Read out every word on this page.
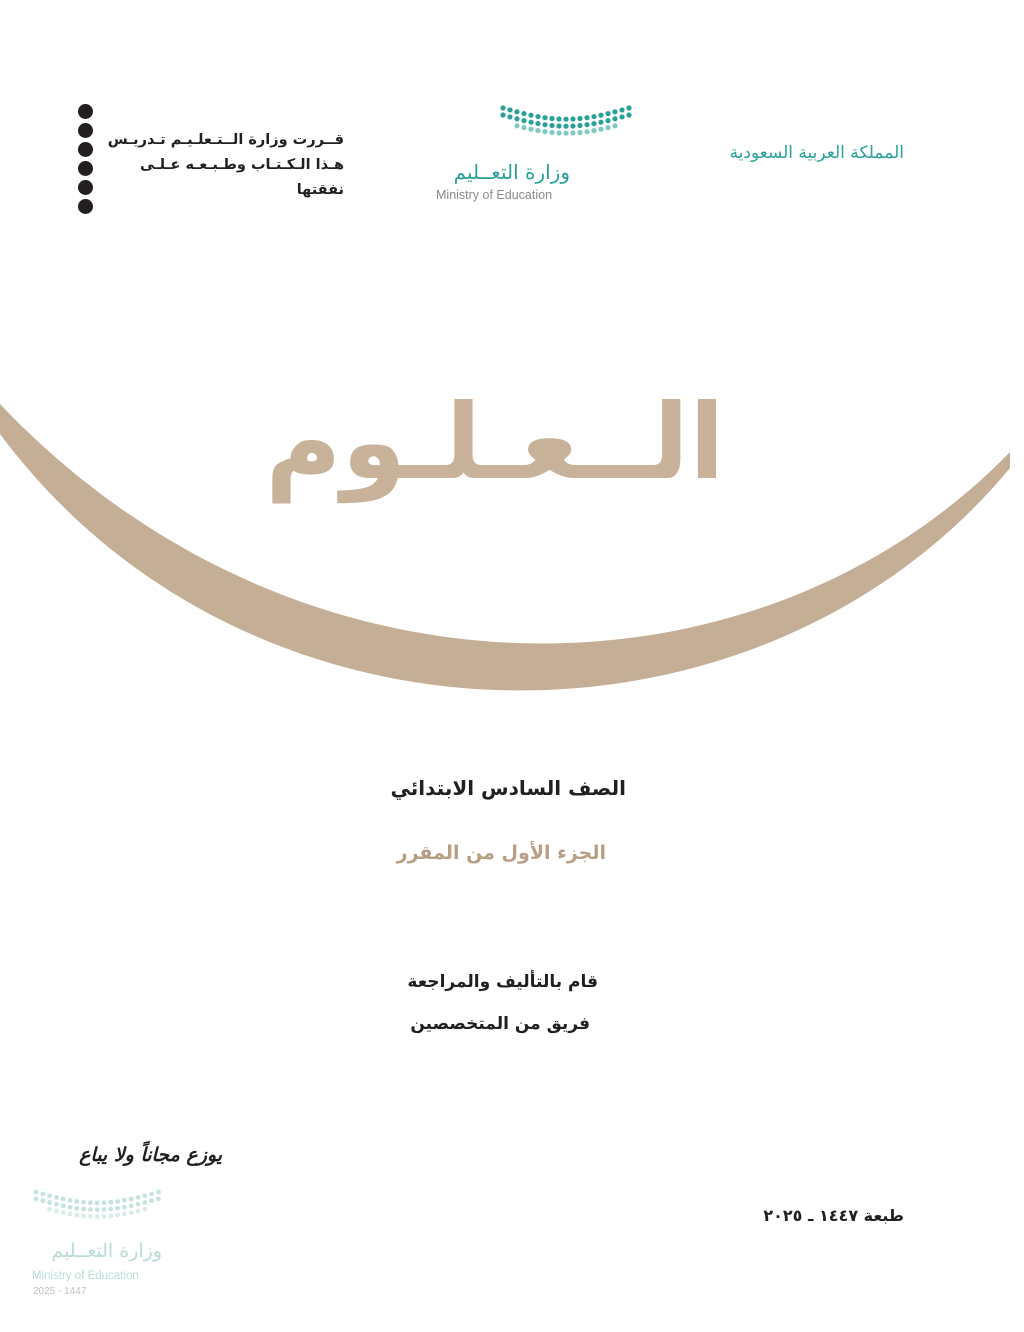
قــررت وزارة الــتـعلـيـم تـدريـس
هـذا الـكـتـاب وطـبـعـه عـلـى نفقتها
وزارة التعــليم
Ministry of Education
المملكة العربية السعودية
الــعـلـوم
الصف السادس الابتدائي
الجزء الأول من المقرر
قام بالتأليف والمراجعة
فريق من المتخصصين
يوزع مجاناً ولا يباع
وزارة التعــليم
Ministry of Education
2025 - 1447
طبعة ١٤٤٧ ـ ٢٠٢٥
